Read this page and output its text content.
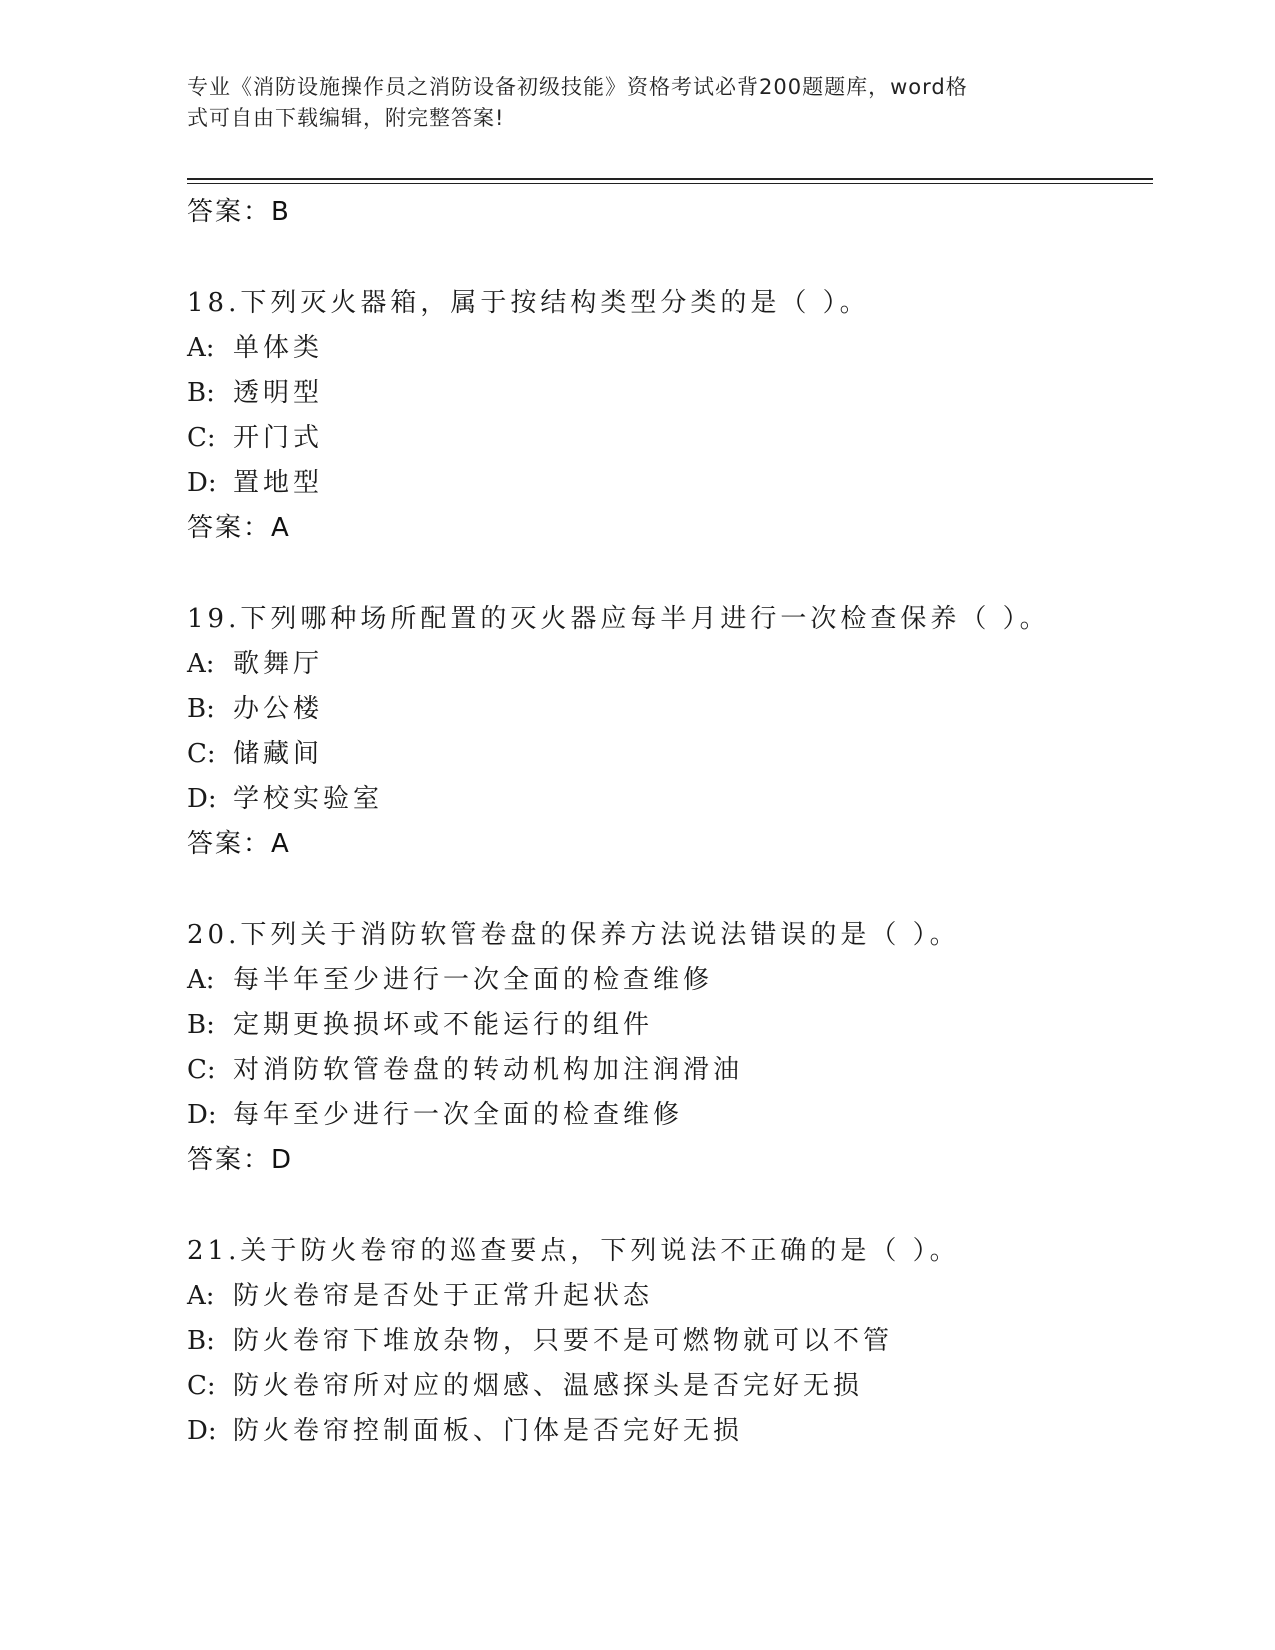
专业《消防设施操作员之消防设备初级技能》资格考试必背200题题库，word格
式可自由下载编辑，附完整答案!
答案：B
18.下列灭火器箱，属于按结构类型分类的是（ ）。
A: 单体类
B: 透明型
C: 开门式
D: 置地型
答案：A
19.下列哪种场所配置的灭火器应每半月进行一次检查保养（ ）。
A: 歌舞厅
B: 办公楼
C: 储藏间
D: 学校实验室
答案：A
20.下列关于消防软管卷盘的保养方法说法错误的是（ ）。
A: 每半年至少进行一次全面的检查维修
B: 定期更换损坏或不能运行的组件
C: 对消防软管卷盘的转动机构加注润滑油
D: 每年至少进行一次全面的检查维修
答案：D
21.关于防火卷帘的巡查要点，下列说法不正确的是（ ）。
A: 防火卷帘是否处于正常升起状态
B: 防火卷帘下堆放杂物，只要不是可燃物就可以不管
C: 防火卷帘所对应的烟感、温感探头是否完好无损
D: 防火卷帘控制面板、门体是否完好无损
